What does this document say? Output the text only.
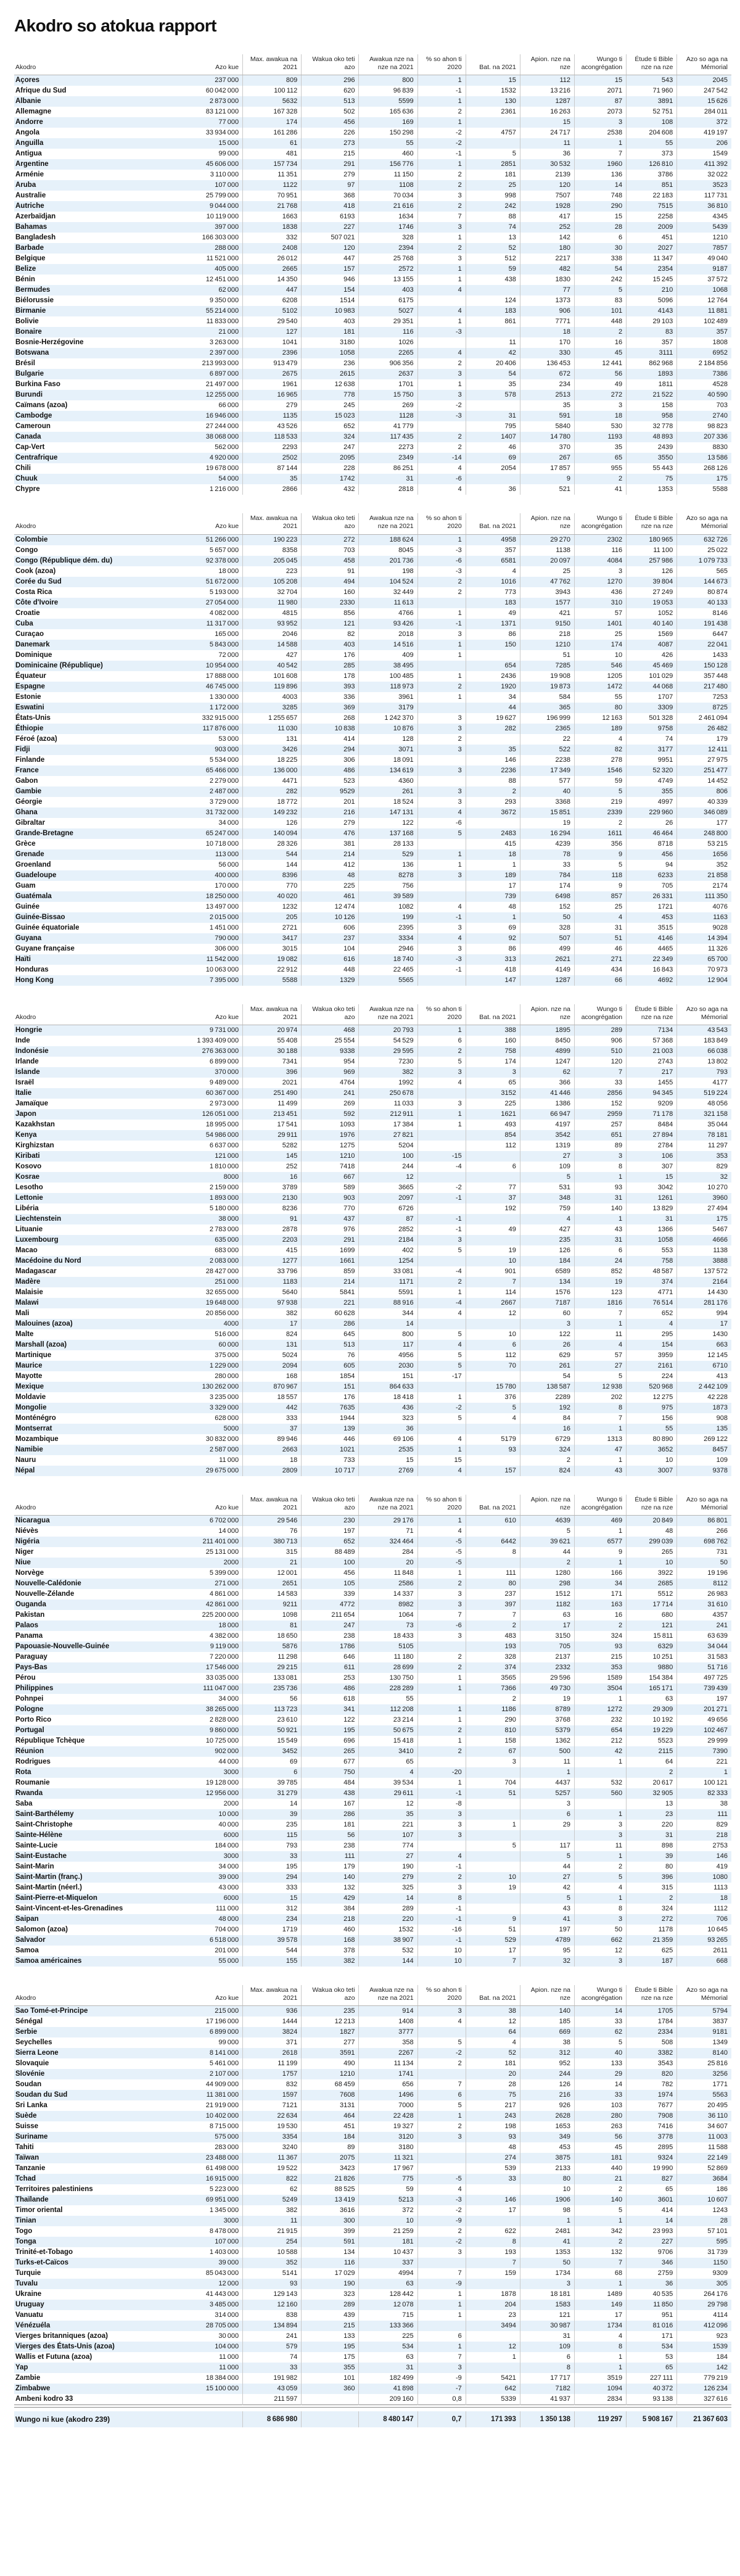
Akodro so atokua rapport
Akodro	Azo kue	Max. awakua na 2021	Wakua oko teti azo	Awakua nze na nze na 2021	% so ahon ti 2020	Bat. na 2021	Apion. nze na nze	Wungo ti acongrégation	Étude ti Bible nze na nze	Azo so aga na Mémorial
Açores	237 000	809	296	800	1	15	112	15	543	2045
Afrique du Sud	60 042 000	100 112	620	96 839	-1	1532	13 216	2071	71 960	247 542
Albanie	2 873 000	5632	513	5599	1	130	1287	87	3891	15 626
Allemagne	83 121 000	167 328	502	165 636	2	2361	16 263	2073	52 751	284 011
Andorre	77 000	174	456	169	1		15	3	108	372
Angola	33 934 000	161 286	226	150 298	-2	4757	24 717	2538	204 608	419 197
Anguilla	15 000	61	273	55	-2		11	1	55	206
Antigua	99 000	481	215	460	-1	5	36	7	373	1549
Argentine	45 606 000	157 734	291	156 776	1	2851	30 532	1960	126 810	411 392
Arménie	3 110 000	11 351	279	11 150	2	181	2139	136	3786	32 022
Aruba	107 000	1122	97	1108	2	25	120	14	851	3523
Australie	25 799 000	70 951	368	70 034	3	998	7507	748	22 183	117 731
Autriche	9 044 000	21 768	418	21 616	2	242	1928	290	7515	36 810
Azerbaïdjan	10 119 000	1663	6193	1634	7	88	417	15	2258	4345
Bahamas	397 000	1838	227	1746	3	74	252	28	2009	5439
Bangladesh	166 303 000	332	507 021	328	1	13	142	6	451	1210
Barbade	288 000	2408	120	2394	2	52	180	30	2027	7857
Belgique	11 521 000	26 012	447	25 768	3	512	2217	338	11 347	49 040
Belize	405 000	2665	157	2572	1	59	482	54	2354	9187
Bénin	12 451 000	14 350	946	13 155	1	438	1830	242	15 245	37 572
Bermudes	62 000	447	154	403	4		77	5	210	1068
Biélorussie	9 350 000	6208	1514	6175		124	1373	83	5096	12 764
Birmanie	55 214 000	5102	10 983	5027	4	183	906	101	4143	11 881
Bolivie	11 833 000	29 540	403	29 351	1	861	7771	448	29 103	102 489
Bonaire	21 000	127	181	116	-3		18	2	83	357
Bosnie-Herzégovine	3 263 000	1041	3180	1026		11	170	16	357	1808
Botswana	2 397 000	2396	1058	2265	4	42	330	45	3111	6952
Brésil	213 993 000	913 479	236	906 356	2	20 406	136 453	12 441	862 968	2 184 856
Bulgarie	6 897 000	2675	2615	2637	3	54	672	56	1893	7386
Burkina Faso	21 497 000	1961	12 638	1701	1	35	234	49	1811	4528
Burundi	12 255 000	16 965	778	15 750	3	578	2513	272	21 522	40 590
Caïmans (azoa)	66 000	279	245	269	-2		35	3	158	703
Cambodge	16 946 000	1135	15 023	1128	-3	31	591	18	958	2740
Cameroun	27 244 000	43 526	652	41 779		795	5840	530	32 778	98 823
Canada	38 068 000	118 533	324	117 435	2	1407	14 780	1193	48 893	207 336
Cap-Vert	562 000	2293	247	2273	2	46	370	35	2439	8830
Centrafrique	4 920 000	2502	2095	2349	-14	69	267	65	3550	13 586
Chili	19 678 000	87 144	228	86 251	4	2054	17 857	955	55 443	268 126
Chuuk	54 000	35	1742	31	-6		9	2	75	175
Chypre	1 216 000	2866	432	2818	4	36	521	41	1353	5588
Akodro	Azo kue	Max. awakua na 2021	Wakua oko teti azo	Awakua nze na nze na 2021	% so ahon ti 2020	Bat. na 2021	Apion. nze na nze	Wungo ti acongrégation	Étude ti Bible nze na nze	Azo so aga na Mémorial
Colombie	51 266 000	190 223	272	188 624	1	4958	29 270	2302	180 965	632 726
Congo	5 657 000	8358	703	8045	-3	357	1138	116	11 100	25 022
Congo (République dém. du)	92 378 000	205 045	458	201 736	-6	6581	20 097	4084	257 986	1 079 733
Cook (azoa)	18 000	223	91	198	-3	4	25	3	126	565
Corée du Sud	51 672 000	105 208	494	104 524	2	1016	47 762	1270	39 804	144 673
Costa Rica	5 193 000	32 704	160	32 449	2	773	3943	436	27 249	80 874
Côte d'Ivoire	27 054 000	11 980	2330	11 613		183	1577	310	19 053	40 133
Croatie	4 082 000	4815	856	4766	1	49	421	57	1052	8146
Cuba	11 317 000	93 952	121	93 426	-1	1371	9150	1401	40 140	191 438
Curaçao	165 000	2046	82	2018	3	86	218	25	1569	6447
Danemark	5 843 000	14 588	403	14 516	1	150	1210	174	4087	22 041
Dominique	72 000	427	176	409	1		51	10	426	1433
Dominicaine (République)	10 954 000	40 542	285	38 495		654	7285	546	45 469	150 128
Équateur	17 888 000	101 608	178	100 485	1	2436	19 908	1205	101 029	357 448
Espagne	46 745 000	119 896	393	118 973	2	1920	19 873	1472	44 068	217 480
Estonie	1 330 000	4003	336	3961	1	34	584	55	1707	7253
Eswatini	1 172 000	3285	369	3179		44	365	80	3309	8725
États-Unis	332 915 000	1 255 657	268	1 242 370	3	19 627	196 999	12 163	501 328	2 461 094
Éthiopie	117 876 000	11 030	10 838	10 876	3	282	2365	189	9758	26 482
Féroé (azoa)	53 000	131	414	128	2		22	4	74	179
Fidji	903 000	3426	294	3071	3	35	522	82	3177	12 411
Finlande	5 534 000	18 225	306	18 091		146	2238	278	9951	27 975
France	65 466 000	136 000	486	134 619	3	2236	17 349	1546	52 320	251 477
Gabon	2 279 000	4471	523	4360		88	577	59	4749	14 452
Gambie	2 487 000	282	9529	261	3	2	40	5	355	806
Géorgie	3 729 000	18 772	201	18 524	3	293	3368	219	4997	40 339
Ghana	31 732 000	149 232	216	147 131	4	3672	15 851	2339	229 960	346 089
Gibraltar	34 000	126	279	122	-6		19	2	26	177
Grande-Bretagne	65 247 000	140 094	476	137 168	5	2483	16 294	1611	46 464	248 800
Grèce	10 718 000	28 326	381	28 133		415	4239	356	8718	53 215
Grenade	113 000	544	214	529	1	18	78	9	456	1656
Groenland	56 000	144	412	136	1	1	33	5	94	352
Guadeloupe	400 000	8396	48	8278	3	189	784	118	6233	21 858
Guam	170 000	770	225	756		17	174	9	705	2174
Guatémala	18 250 000	40 020	461	39 589		739	6498	857	26 331	111 350
Guinée	13 497 000	1232	12 474	1082	4	48	152	25	1721	4076
Guinée-Bissao	2 015 000	205	10 126	199	-1	1	50	4	453	1163
Guinée équatoriale	1 451 000	2721	606	2395	3	69	328	31	3515	9028
Guyana	790 000	3417	237	3334	4	92	507	51	4146	14 394
Guyane française	306 000	3015	104	2946	3	86	499	46	4465	11 326
Haïti	11 542 000	19 082	616	18 740	-3	313	2621	271	22 349	65 700
Honduras	10 063 000	22 912	448	22 465	-1	418	4149	434	16 843	70 973
Hong Kong	7 395 000	5588	1329	5565		147	1287	66	4692	12 904
Akodro	Azo kue	Max. awakua na 2021	Wakua oko teti azo	Awakua nze na nze na 2021	% so ahon ti 2020	Bat. na 2021	Apion. nze na nze	Wungo ti acongrégation	Étude ti Bible nze na nze	Azo so aga na Mémorial
Hongrie	9 731 000	20 974	468	20 793	1	388	1895	289	7134	43 543
Inde	1 393 409 000	55 408	25 554	54 529	6	160	8450	906	57 368	183 849
Indonésie	276 363 000	30 188	9338	29 595	2	758	4899	510	21 003	66 038
Irlande	6 899 000	7341	954	7230	5	174	1247	120	2743	13 802
Islande	370 000	396	969	382	3	3	62	7	217	793
Israël	9 489 000	2021	4764	1992	4	65	366	33	1455	4177
Italie	60 367 000	251 490	241	250 678		3152	41 446	2856	94 345	519 224
Jamaïque	2 973 000	11 499	269	11 033	3	225	1386	152	9209	48 056
Japon	126 051 000	213 451	592	212 911	1	1621	66 947	2959	71 178	321 158
Kazakhstan	18 995 000	17 541	1093	17 384	1	493	4197	257	8484	35 044
Kenya	54 986 000	29 911	1976	27 821		854	3542	651	27 894	78 181
Kirghizstan	6 637 000	5282	1275	5204		112	1319	89	2784	11 297
Kiribati	121 000	145	1210	100	-15		27	3	106	353
Kosovo	1 810 000	252	7418	244	-4	6	109	8	307	829
Kosrae	8000	16	667	12			5	1	15	32
Lesotho	2 159 000	3789	589	3665	-2	77	531	93	3042	10 270
Lettonie	1 893 000	2130	903	2097	-1	37	348	31	1261	3960
Libéria	5 180 000	8236	770	6726		192	759	140	13 829	27 494
Liechtenstein	38 000	91	437	87	-1		4	1	31	175
Lituanie	2 783 000	2878	976	2852	-1	49	427	43	1366	5467
Luxembourg	635 000	2203	291	2184	3		235	31	1058	4666
Macao	683 000	415	1699	402	5	19	126	6	553	1138
Macédoine du Nord	2 083 000	1277	1661	1254		10	184	24	758	3888
Madagascar	28 427 000	33 796	859	33 081	-4	901	6589	852	48 587	137 572
Madère	251 000	1183	214	1171	2	7	134	19	374	2164
Malaisie	32 655 000	5640	5841	5591	1	114	1576	123	4771	14 430
Malawi	19 648 000	97 938	221	88 916	-4	2667	7187	1816	76 514	281 176
Mali	20 856 000	382	60 628	344	4	12	60	7	652	994
Malouines (azoa)	4000	17	286	14			3	1	4	17
Malte	516 000	824	645	800	5	10	122	11	295	1430
Marshall (azoa)	60 000	131	513	117	4	6	26	4	154	663
Martinique	375 000	5024	76	4956	5	112	629	57	3959	12 145
Maurice	1 229 000	2094	605	2030	5	70	261	27	2161	6710
Mayotte	280 000	168	1854	151	-17		54	5	224	413
Mexique	130 262 000	870 967	151	864 633		15 780	138 587	12 938	520 968	2 442 109
Moldavie	3 235 000	18 557	176	18 418	1	376	2289	202	12 275	42 228
Mongolie	3 329 000	442	7635	436	-2	5	192	8	975	1873
Monténégro	628 000	333	1944	323	5	4	84	7	156	908
Montserrat	5000	37	139	36			16	1	55	135
Mozambique	30 832 000	89 946	446	69 106	4	5179	6729	1313	80 890	269 122
Namibie	2 587 000	2663	1021	2535	1	93	324	47	3652	8457
Nauru	11 000	18	733	15	15		2	1	10	109
Népal	29 675 000	2809	10 717	2769	4	157	824	43	3007	9378
Akodro	Azo kue	Max. awakua na 2021	Wakua oko teti azo	Awakua nze na nze na 2021	% so ahon ti 2020	Bat. na 2021	Apion. nze na nze	Wungo ti acongrégation	Étude ti Bible nze na nze	Azo so aga na Mémorial
Nicaragua	6 702 000	29 546	230	29 176	1	610	4639	469	20 849	86 801
Niévès	14 000	76	197	71	4		5	1	48	266
Nigéria	211 401 000	380 713	652	324 464	-5	6442	39 621	6577	299 039	698 762
Niger	25 131 000	315	88 489	284	-5	8	44	9	265	731
Niue	2000	21	100	20	-5		2	1	10	50
Norvège	5 399 000	12 001	456	11 848	1	111	1280	166	3922	19 196
Nouvelle-Calédonie	271 000	2651	105	2586	2	80	298	34	2685	8112
Nouvelle-Zélande	4 861 000	14 583	339	14 337	3	237	1512	171	5512	26 983
Ouganda	42 861 000	9211	4772	8982	3	397	1182	163	17 714	31 610
Pakistan	225 200 000	1098	211 654	1064	7	7	63	16	680	4357
Palaos	18 000	81	247	73	-6	2	17	2	121	241
Panama	4 382 000	18 650	238	18 433	3	483	3150	324	15 811	63 639
Papouasie-Nouvelle-Guinée	9 119 000	5876	1786	5105		193	705	93	6329	34 044
Paraguay	7 220 000	11 298	646	11 180	2	328	2137	215	10 251	31 583
Pays-Bas	17 546 000	29 215	611	28 699	2	374	2332	353	9880	51 716
Pérou	33 035 000	133 081	253	130 750	1	3565	29 596	1589	154 384	497 725
Philippines	111 047 000	235 736	486	228 289	1	7366	49 730	3504	165 171	739 439
Pohnpei	34 000	56	618	55		2	19	1	63	197
Pologne	38 265 000	113 723	341	112 208	1	1186	8789	1272	29 309	201 271
Porto Rico	2 828 000	23 610	122	23 214	1	290	3768	232	10 192	49 656
Portugal	9 860 000	50 921	195	50 675	2	810	5379	654	19 229	102 467
République Tchèque	10 725 000	15 549	696	15 418	1	158	1362	212	5523	29 999
Réunion	902 000	3452	265	3410	2	67	500	42	2115	7390
Rodrigues	44 000	69	677	65		3	11	1	64	221
Rota	3000	6	750	4	-20		1		2	1
Roumanie	19 128 000	39 785	484	39 534	1	704	4437	532	20 617	100 121
Rwanda	12 956 000	31 279	438	29 611	-1	51	5257	560	32 905	82 333
Saba	2000	14	167	12	-8		3		13	38
Saint-Barthélemy	10 000	39	286	35	3		6	1	23	111
Saint-Christophe	40 000	235	181	221	3	1	29	3	220	829
Sainte-Hélène	6000	115	56	107	3			3	31	218
Sainte-Lucie	184 000	793	238	774		5	117	11	898	2753
Saint-Eustache	3000	33	111	27	4		5	1	39	146
Saint-Marin	34 000	195	179	190	-1		44	2	80	419
Saint-Martin (franç.)	39 000	294	140	279	2	10	27	5	396	1080
Saint-Martin (néerl.)	43 000	333	132	325	3	19	42	4	315	1113
Saint-Pierre-et-Miquelon	6000	15	429	14	8		5	1	2	18
Saint-Vincent-et-les-Grenadines	111 000	312	384	289	-1		43	8	324	1112
Saipan	48 000	234	218	220	-1	9	41	3	272	706
Salomon (azoa)	704 000	1719	460	1532	-16	51	197	50	1178	10 645
Salvador	6 518 000	39 578	168	38 907	-1	529	4789	662	21 359	93 265
Samoa	201 000	544	378	532	10	17	95	12	625	2611
Samoa américaines	55 000	155	382	144	10	7	32	3	187	668
Akodro	Azo kue	Max. awakua na 2021	Wakua oko teti azo	Awakua nze na nze na 2021	% so ahon ti 2020	Bat. na 2021	Apion. nze na nze	Wungo ti acongrégation	Étude ti Bible nze na nze	Azo so aga na Mémorial
Sao Tomé-et-Principe	215 000	936	235	914	3	38	140	14	1705	5794
Sénégal	17 196 000	1444	12 213	1408	4	12	185	33	1784	3837
Serbie	6 899 000	3824	1827	3777		64	669	62	2334	9181
Seychelles	99 000	371	277	358	5	4	38	5	508	1349
Sierra Leone	8 141 000	2618	3591	2267	-2	52	312	40	3382	8140
Slovaquie	5 461 000	11 199	490	11 134	2	181	952	133	3543	25 816
Slovénie	2 107 000	1757	1210	1741		20	244	29	820	3256
Soudan	44 909 000	832	68 459	656	7	28	126	14	782	1771
Soudan du Sud	11 381 000	1597	7608	1496	6	75	216	33	1974	5563
Sri Lanka	21 919 000	7121	3131	7000	5	217	926	103	7677	20 495
Suède	10 402 000	22 634	464	22 428	1	243	2628	280	7908	36 110
Suisse	8 715 000	19 530	451	19 327	2	198	1653	263	7416	34 607
Suriname	575 000	3354	184	3120	3	93	349	56	3778	11 003
Tahiti	283 000	3240	89	3180		48	453	45	2895	11 588
Taïwan	23 488 000	11 367	2075	11 321		274	3875	181	9324	22 149
Tanzanie	61 498 000	19 522	3423	17 967		539	2133	440	19 990	52 869
Tchad	16 915 000	822	21 826	775	-5	33	80	21	827	3684
Territoires palestiniens	5 223 000	62	88 525	59	4		10	2	65	186
Thaïlande	69 951 000	5249	13 419	5213	-3	146	1906	140	3601	10 607
Timor oriental	1 345 000	382	3616	372	-2	17	98	5	414	1243
Tinian	3000	11	300	10	-9		1	1	14	28
Togo	8 478 000	21 915	399	21 259	2	622	2481	342	23 993	57 101
Tonga	107 000	254	591	181	-2	8	41	2	227	595
Trinité-et-Tobago	1 403 000	10 588	134	10 437	3	193	1353	132	9706	31 739
Turks-et-Caïcos	39 000	352	116	337		7	50	7	346	1150
Turquie	85 043 000	5141	17 029	4994	7	159	1734	68	2759	9309
Tuvalu	12 000	93	190	63	-9		3	1	36	305
Ukraine	41 443 000	129 143	323	128 442	1	1878	18 181	1489	40 535	264 176
Uruguay	3 485 000	12 160	289	12 078	1	204	1583	149	11 850	29 798
Vanuatu	314 000	838	439	715	1	23	121	17	951	4114
Vénézuéla	28 705 000	134 894	215	133 366		3494	30 987	1734	81 016	412 096
Vierges britanniques (azoa)	30 000	241	133	225	6		31	4	171	923
Vierges des États-Unis (azoa)	104 000	579	195	534	1	12	109	8	534	1539
Wallis et Futuna (azoa)	11 000	74	175	63	7	1	6	1	53	184
Yap	11 000	33	355	31	3		8	1	65	142
Zambie	18 384 000	191 982	101	182 499	-9	5421	17 717	3519	227 111	779 219
Zimbabwe	15 100 000	43 059	360	41 898	-7	642	7182	1094	40 372	126 234
Ambeni kodro 33		211 597		209 160	0,8	5339	41 937	2834	93 138	327 616

Wungo ni kue (akodro 239)		8 686 980		8 480 147	0,7	171 393	1 350 138	119 297	5 908 167	21 367 603
